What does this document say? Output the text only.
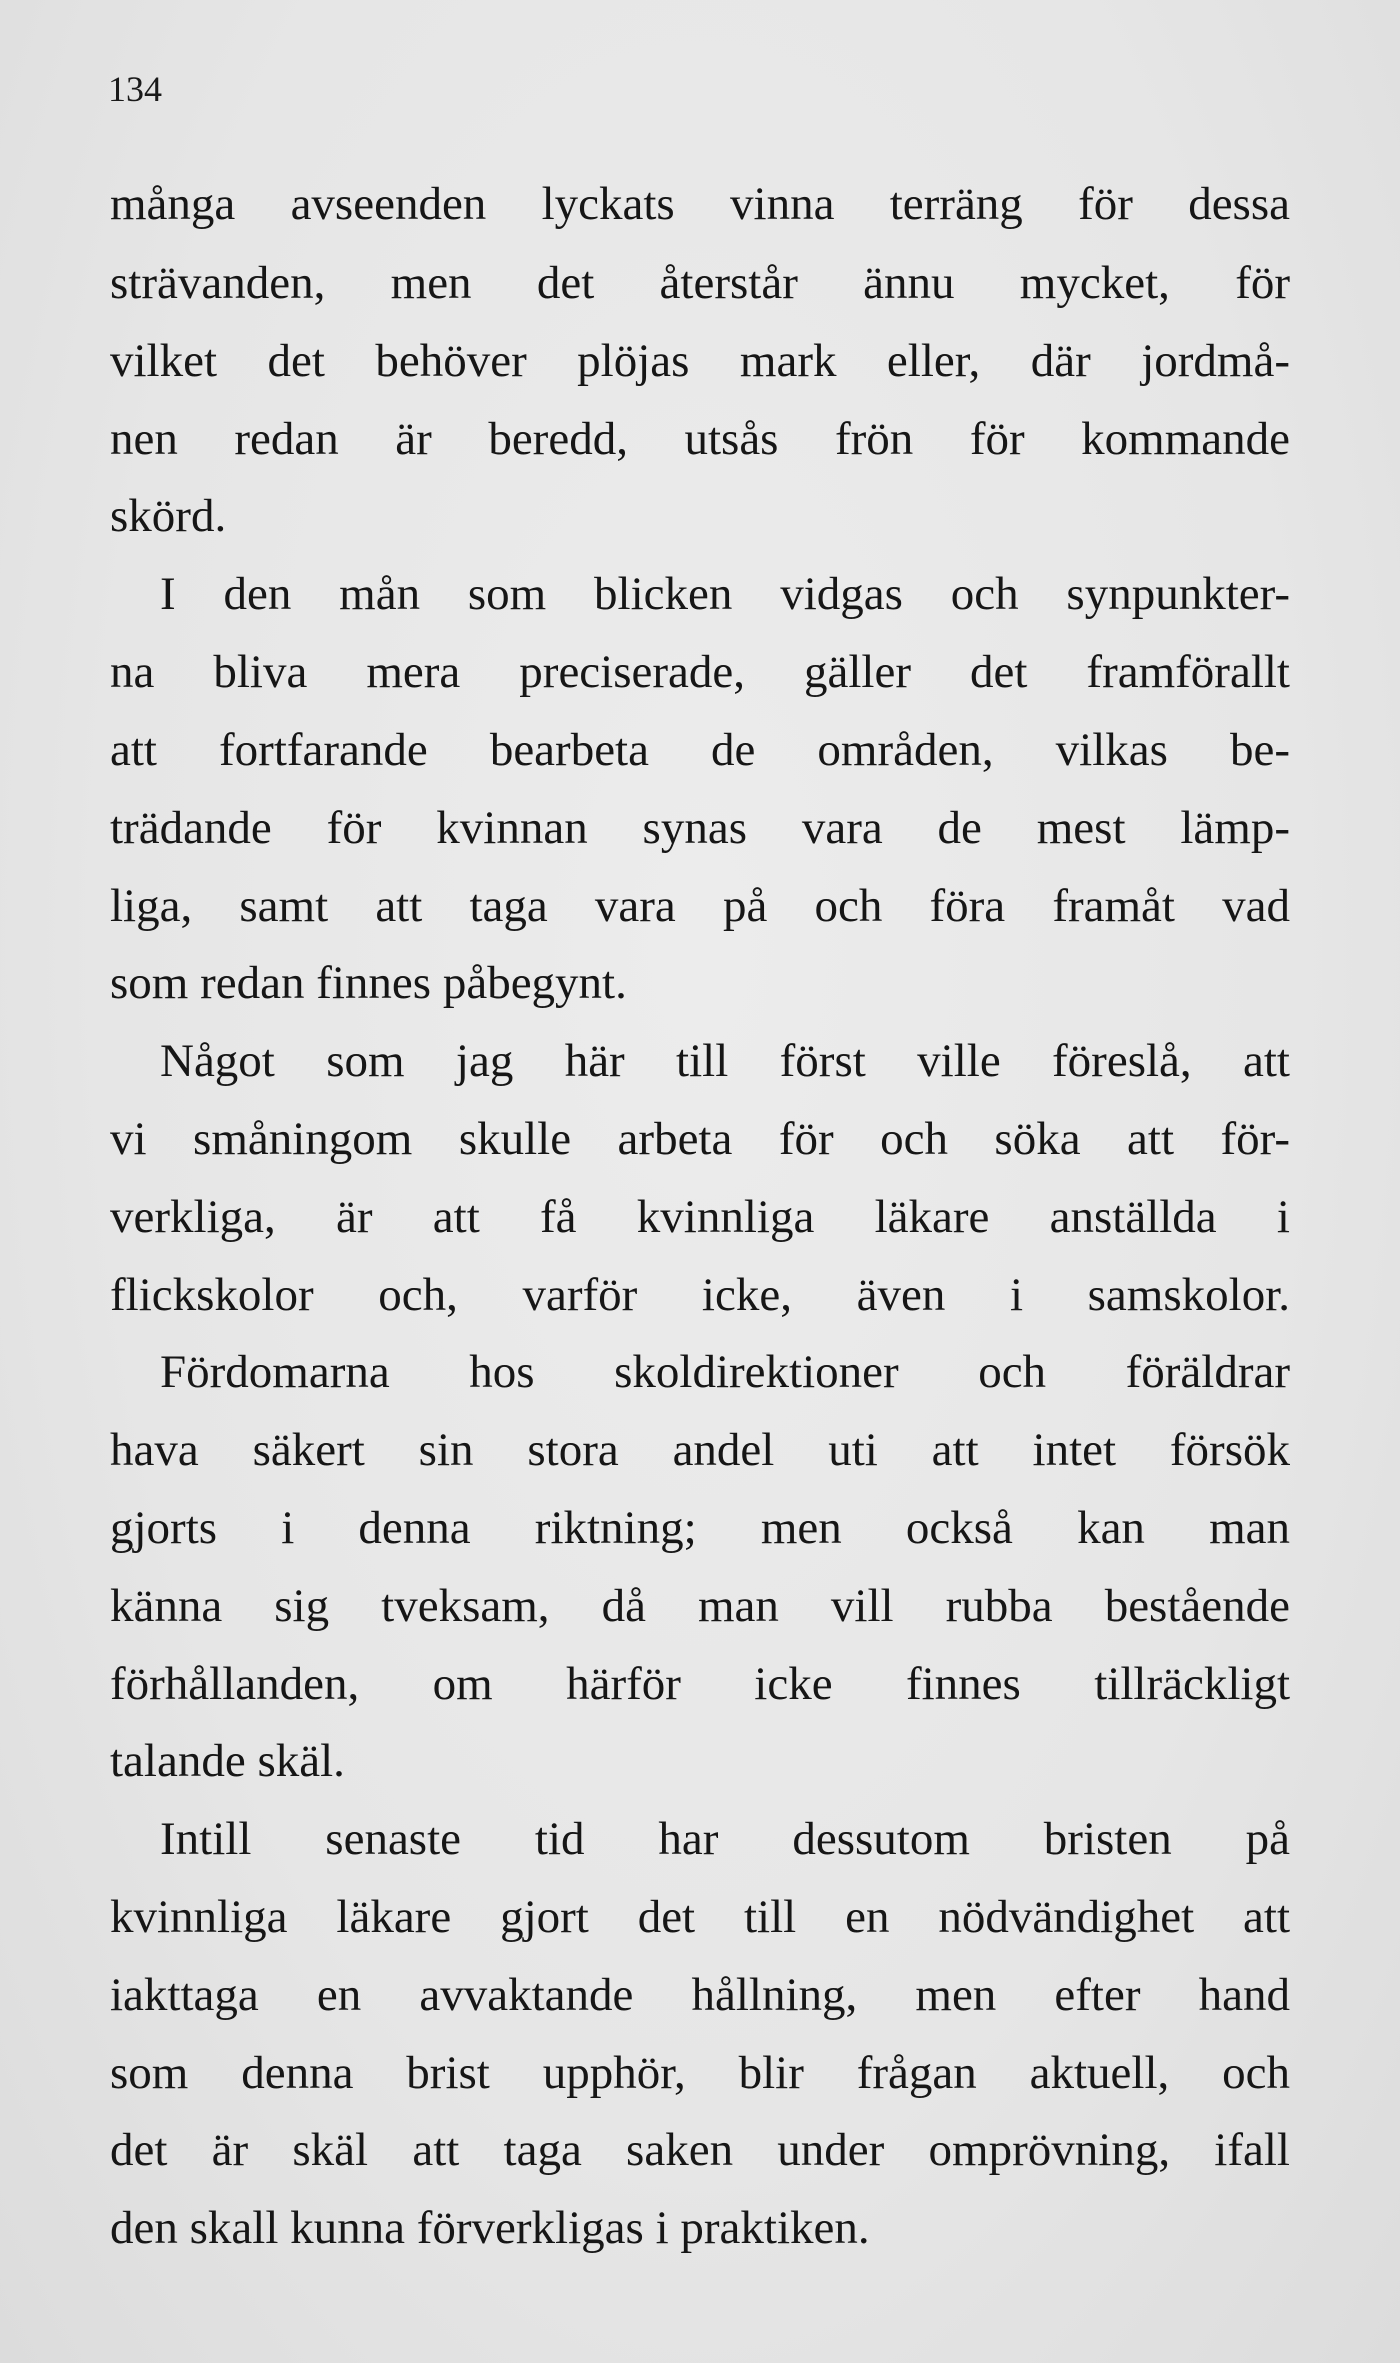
134
många avseenden lyckats vinna terräng för dessa
strävanden, men det återstår ännu mycket, för
vilket det behöver plöjas mark eller, där jordmå-
nen redan är beredd, utsås frön för kommande
skörd.
I den mån som blicken vidgas och synpunkter-
na bliva mera preciserade, gäller det framförallt
att fortfarande bearbeta de områden, vilkas be-
trädande för kvinnan synas vara de mest lämp-
liga, samt att taga vara på och föra framåt vad
som redan finnes påbegynt.
Något som jag här till först ville föreslå, att
vi småningom skulle arbeta för och söka att för-
verkliga, är att få kvinnliga läkare anställda i
flickskolor och, varför icke, även i samskolor.
Fördomarna hos skoldirektioner och föräldrar
hava säkert sin stora andel uti att intet försök
gjorts i denna riktning; men också kan man
känna sig tveksam, då man vill rubba bestående
förhållanden, om härför icke finnes tillräckligt
talande skäl.
Intill senaste tid har dessutom bristen på
kvinnliga läkare gjort det till en nödvändighet att
iakttaga en avvaktande hållning, men efter hand
som denna brist upphör, blir frågan aktuell, och
det är skäl att taga saken under omprövning, ifall
den skall kunna förverkligas i praktiken.
